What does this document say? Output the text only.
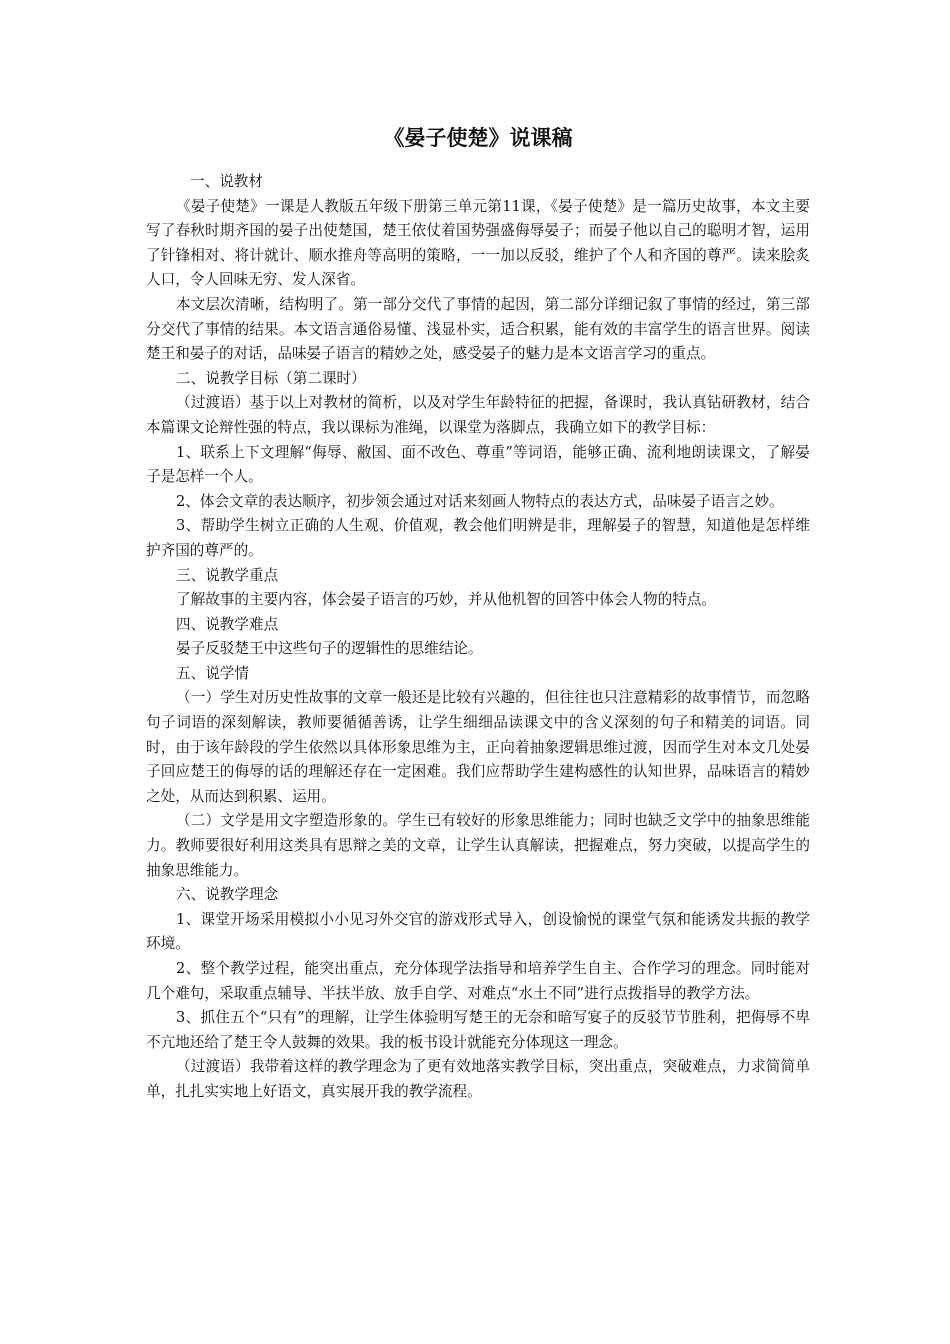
《晏子使楚》说课稿

一、说教材

《晏子使楚》一课是人教版五年级下册第三单元第11课，《晏子使楚》是一篇历史故事，本文主要写了春秋时期齐国的晏子出使楚国，楚王依仗着国势强盛侮辱晏子；而晏子他以自己的聪明才智，运用了针锋相对、将计就计、顺水推舟等高明的策略，一一加以反驳，维护了个人和齐国的尊严。读来脍炙人口，令人回味无穷、发人深省。

本文层次清晰，结构明了。第一部分交代了事情的起因，第二部分详细记叙了事情的经过，第三部分交代了事情的结果。本文语言通俗易懂、浅显朴实，适合积累，能有效的丰富学生的语言世界。阅读楚王和晏子的对话，品味晏子语言的精妙之处，感受晏子的魅力是本文语言学习的重点。

二、说教学目标（第二课时）

（过渡语）基于以上对教材的简析，以及对学生年龄特征的把握，备课时，我认真钻研教材，结合本篇课文论辩性强的特点，我以课标为准绳，以课堂为落脚点，我确立如下的教学目标：

1、联系上下文理解“侮辱、敝国、面不改色、尊重”等词语，能够正确、流利地朗读课文，了解晏子是怎样一个人。

2、体会文章的表达顺序，初步领会通过对话来刻画人物特点的表达方式，品味晏子语言之妙。

3、帮助学生树立正确的人生观、价值观，教会他们明辨是非，理解晏子的智慧，知道他是怎样维护齐国的尊严的。

三、说教学重点

了解故事的主要内容，体会晏子语言的巧妙，并从他机智的回答中体会人物的特点。

四、说教学难点

晏子反驳楚王中这些句子的逻辑性的思维结论。

五、说学情

（一）学生对历史性故事的文章一般还是比较有兴趣的，但往往也只注意精彩的故事情节，而忽略句子词语的深刻解读，教师要循循善诱，让学生细细品读课文中的含义深刻的句子和精美的词语。同时，由于该年龄段的学生依然以具体形象思维为主，正向着抽象逻辑思维过渡，因而学生对本文几处晏子回应楚王的侮辱的话的理解还存在一定困难。我们应帮助学生建构感性的认知世界，品味语言的精妙之处，从而达到积累、运用。

（二）文学是用文字塑造形象的。学生已有较好的形象思维能力；同时也缺乏文学中的抽象思维能力。教师要很好利用这类具有思辩之美的文章，让学生认真解读，把握难点，努力突破，以提高学生的抽象思维能力。

六、说教学理念

1、课堂开场采用模拟小小见习外交官的游戏形式导入，创设愉悦的课堂气氛和能诱发共振的教学环境。

2、整个教学过程，能突出重点，充分体现学法指导和培养学生自主、合作学习的理念。同时能对几个难句，采取重点辅导、半扶半放、放手自学、对难点“水土不同”进行点拨指导的教学方法。

3、抓住五个“只有”的理解，让学生体验明写楚王的无奈和暗写宴子的反驳节节胜利，把侮辱不卑不亢地还给了楚王令人鼓舞的效果。我的板书设计就能充分体现这一理念。

（过渡语）我带着这样的教学理念为了更有效地落实教学目标，突出重点，突破难点，力求简简单单，扎扎实实地上好语文，真实展开我的教学流程。
